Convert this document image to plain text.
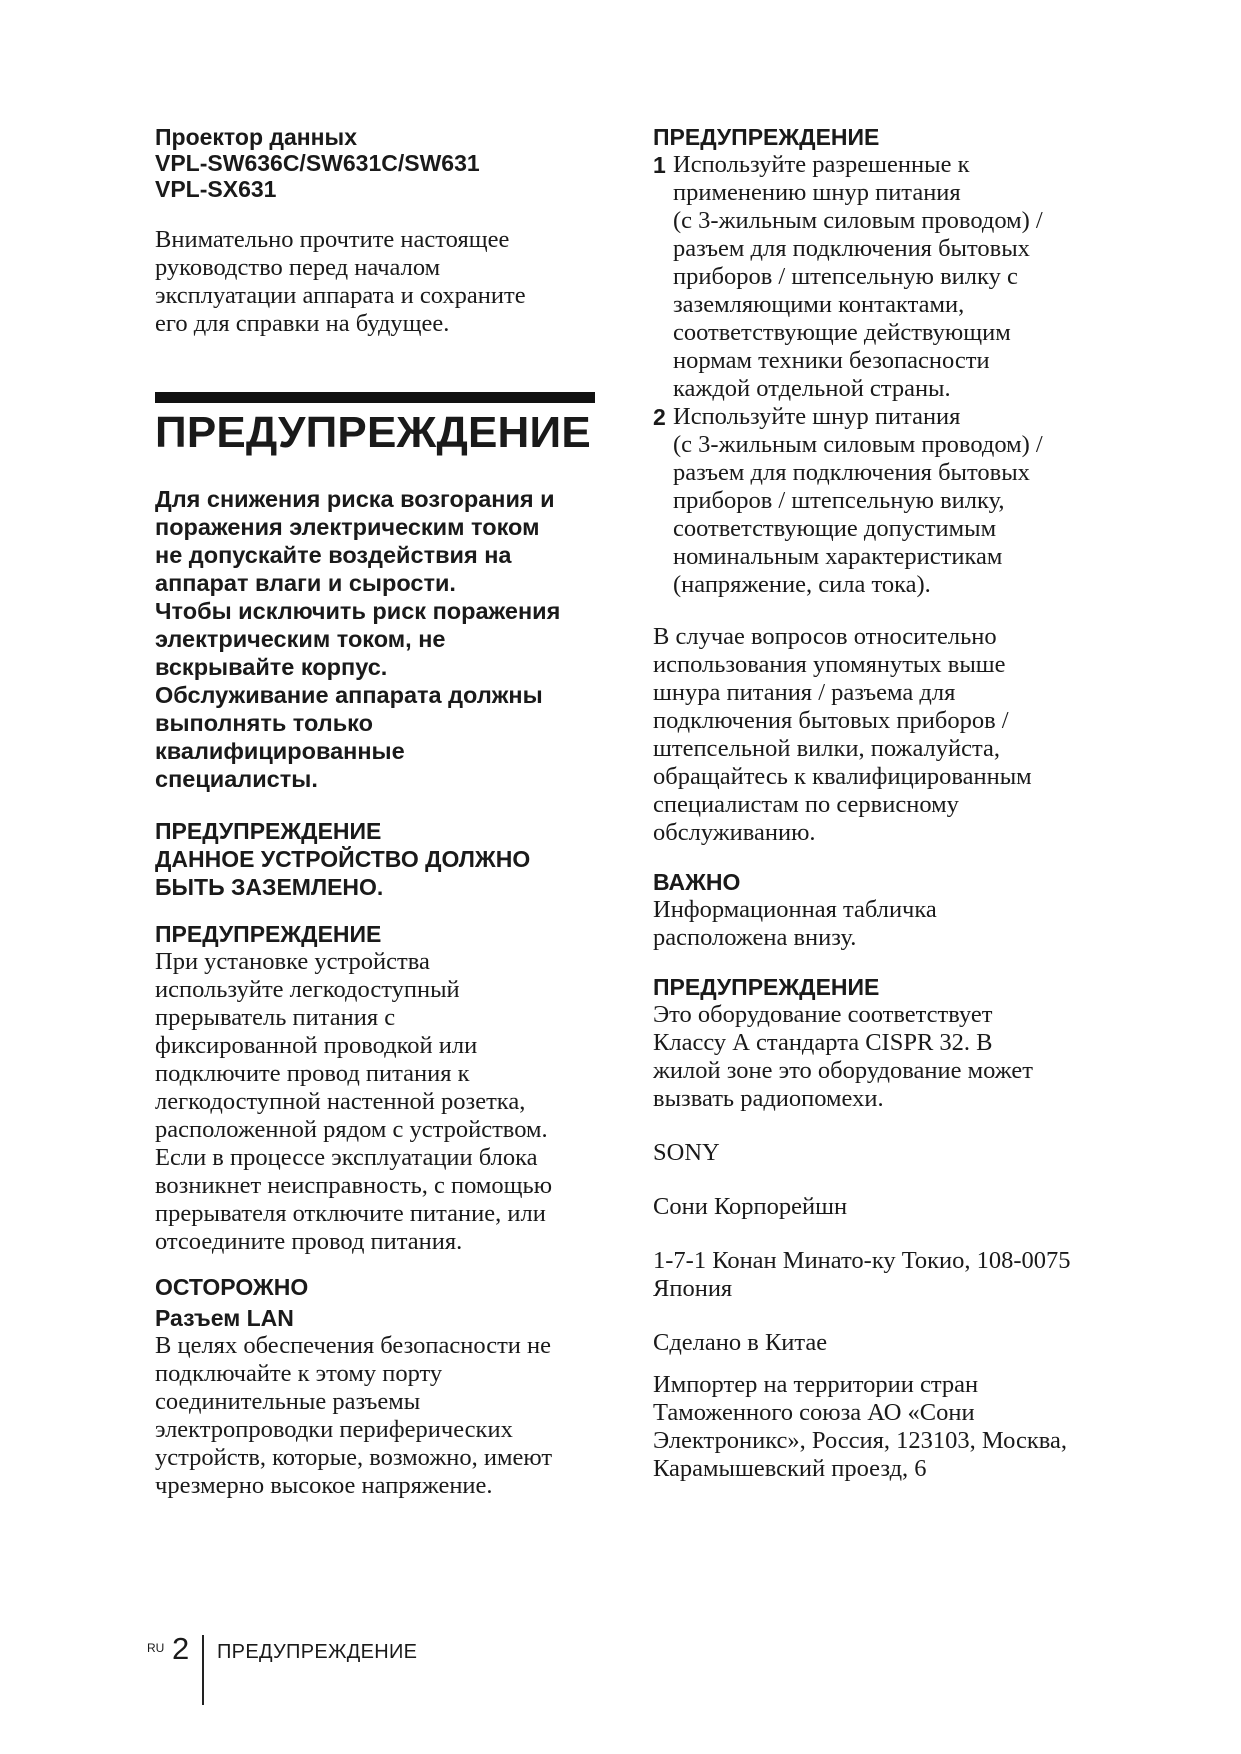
Проектор данных
VPL-SW636C/SW631C/SW631
VPL-SX631
Внимательно прочтите настоящее
руководство перед началом
эксплуатации аппарата и сохраните
его для справки на будущее.
ПРЕДУПРЕЖДЕНИЕ
Для снижения риска возгорания и
поражения электрическим током
не допускайте воздействия на
аппарат влаги и сырости.
Чтобы исключить риск поражения
электрическим током, не
вскрывайте корпус.
Обслуживание аппарата должны
выполнять только
квалифицированные
специалисты.
ПРЕДУПРЕЖДЕНИЕ
ДАННОЕ УСТРОЙСТВО ДОЛЖНО
БЫТЬ ЗАЗЕМЛЕНО.
ПРЕДУПРЕЖДЕНИЕ
При установке устройства
используйте легкодоступный
прерыватель питания с
фиксированной проводкой или
подключите провод питания к
легкодоступной настенной розетка,
расположенной рядом с устройством.
Если в процессе эксплуатации блока
возникнет неисправность, с помощью
прерывателя отключите питание, или
отсоедините провод питания.
ОСТОРОЖНО
Разъем LAN
В целях обеспечения безопасности не
подключайте к этому порту
соединительные разъемы
электропроводки периферических
устройств, которые, возможно, имеют
чрезмерно высокое напряжение.
ПРЕДУПРЕЖДЕНИЕ
1 Используйте разрешенные к
применению шнур питания
(с 3-жильным силовым проводом) /
разъем для подключения бытовых
приборов / штепсельную вилку с
заземляющими контактами,
соответствующие действующим
нормам техники безопасности
каждой отдельной страны.
2 Используйте шнур питания
(с 3-жильным силовым проводом) /
разъем для подключения бытовых
приборов / штепсельную вилку,
соответствующие допустимым
номинальным характеристикам
(напряжение, сила тока).
В случае вопросов относительно
использования упомянутых выше
шнура питания / разъема для
подключения бытовых приборов /
штепсельной вилки, пожалуйста,
обращайтесь к квалифицированным
специалистам по сервисному
обслуживанию.
ВАЖНО
Информационная табличка
расположена внизу.
ПРЕДУПРЕЖДЕНИЕ
Это оборудование соответствует
Классу А стандарта CISPR 32. В
жилой зоне это оборудование может
вызвать радиопомехи.
SONY
Сони Корпорейшн
1-7-1 Конан Минато-ку Токио, 108-0075
Япония
Сделано в Китае
Импортер на территории стран
Таможенного союза АО «Сони
Электроникс», Россия, 123103, Москва,
Карамышевский проезд, 6
RU 2 ПРЕДУПРЕЖДЕНИЕ
